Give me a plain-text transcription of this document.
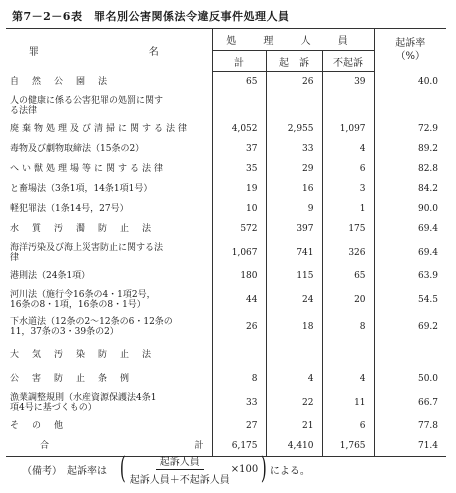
第7－2－6表　罪名別公害関係法令違反事件処理人員
罪　　名	処 理 人 員			起訴率
（%）

	計	起　訴	不起訴	

自然公園法	65	26	39	40.0

人の健康に係る公害犯罪の処罰に関す
る法律				

廃棄物処理及び清掃に関する法律	4,052	2,955	1,097	72.9

毒物及び劇物取締法（15条の2）	37	33	4	89.2

へい獣処理場等に関する法律	35	29	6	82.8

と畜場法（3条1項，14条1項1号）	19	16	3	84.2

軽犯罪法（1条14号，27号）	10	9	1	90.0

水質汚濁防止法	572	397	175	69.4

海洋汚染及び海上災害防止に関する法
律	1,067	741	326	69.4

港則法（24条1項）	180	115	65	63.9

河川法（施行令16条の4・1項2号，
16条の8・1項，16条の8・1号）	44	24	20	54.5

下水道法（12条の2～12条の6・12条の
11，37条の3・39条の2）	26	18	8	69.2

大気汚染防止法				

公害防止条例	8	4	4	50.0

漁業調整規則（水産資源保護法4条1
項4号に基づくもの）	33	22	11	66.7

その他	27	21	6	77.8

合 計	6,175	4,410	1,765	71.4
（備考）　起訴率は ( $\frac{\text{起訴人員}}{\text{起訴人員＋不起訴人員}} \times 100$ ) による。
